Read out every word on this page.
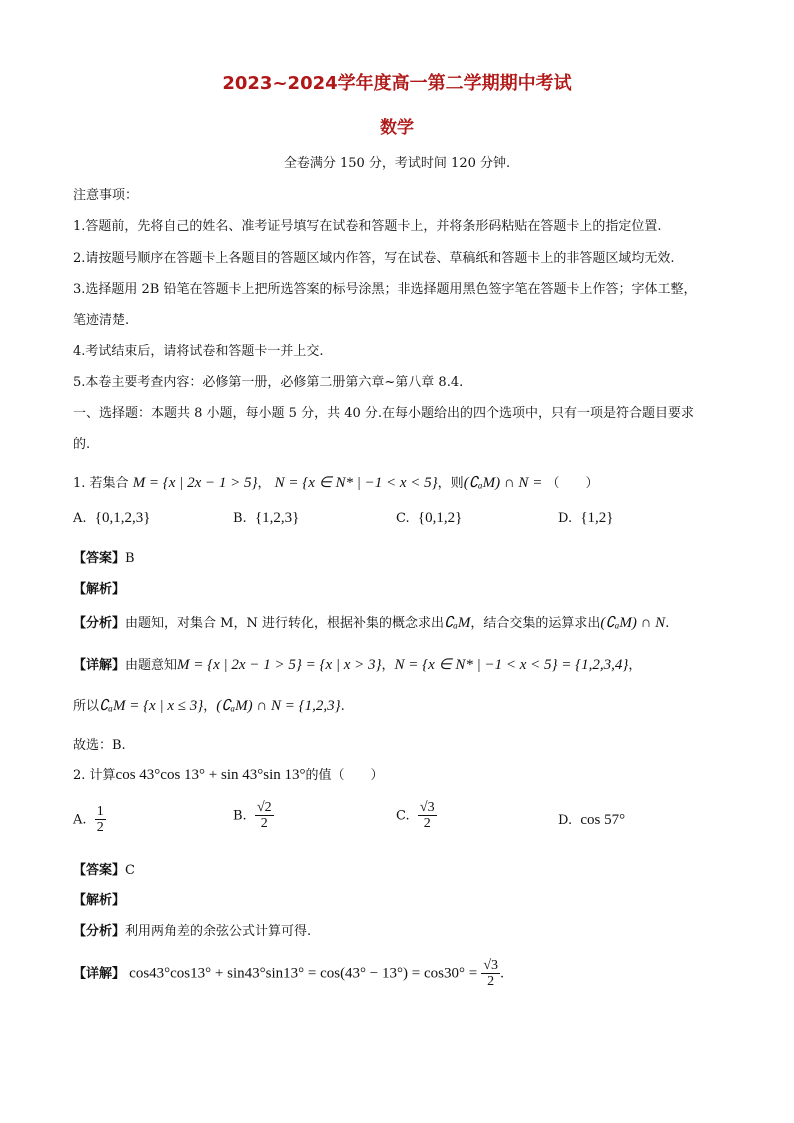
2023~2024学年度高一第二学期期中考试
数学
全卷满分 150 分，考试时间 120 分钟.
注意事项：
1.答题前，先将自己的姓名、准考证号填写在试卷和答题卡上，并将条形码粘贴在答题卡上的指定位置.
2.请按题号顺序在答题卡上各题目的答题区域内作答，写在试卷、草稿纸和答题卡上的非答题区域均无效.
3.选择题用 2B 铅笔在答题卡上把所选答案的标号涂黑；非选择题用黑色签字笔在答题卡上作答；字体工整，
笔迹清楚.
4.考试结束后，请将试卷和答题卡一并上交.
5.本卷主要考查内容：必修第一册，必修第二册第六章~第八章 8.4.
一、选择题：本题共 8 小题，每小题 5 分，共 40 分.在每小题给出的四个选项中，只有一项是符合题目要求
的.
1. 若集合 M = {x | 2x − 1 > 5}， N = {x ∈ N* | −1 < x < 5}，则(∁ₐM) ∩ N = （　　）
A. {0,1,2,3}	B. {1,2,3}	C. {0,1,2}	D. {1,2}
【答案】B
【解析】
【分析】由题知，对集合 M，N 进行转化，根据补集的概念求出∁ₐM，结合交集的运算求出(∁ₐM) ∩ N.
【详解】由题意知M = {x | 2x − 1 > 5} = {x | x > 3}，N = {x ∈ N* | −1 < x < 5} = {1,2,3,4}，
所以∁ₐM = {x | x ≤ 3}，(∁ₐM) ∩ N = {1,2,3}.
故选：B.
2. 计算cos 43°cos 13° + sin 43°sin 13°的值（　　）
A. $\frac{1}{2}$	B. $\frac{√2}{2}$	C. $\frac{√3}{2}$	D. cos 57°
【答案】C
【解析】
【分析】利用两角差的余弦公式计算可得.
【详解】 $\cos 43^\circ\cos 13^\circ + \sin 43^\circ\sin 13^\circ = \cos(43^\circ - 13^\circ) = \cos 30^\circ = \frac{√3}{2}$ .
